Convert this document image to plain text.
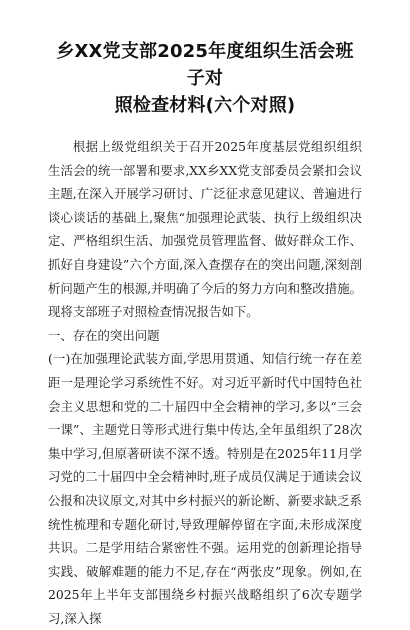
乡XX党支部2025年度组织生活会班子对
照检查材料(六个对照)

根据上级党组织关于召开2025年度基层党组织组织生活会的统一部署和要求,XX乡XX党支部委员会紧扣会议主题,在深入开展学习研讨、广泛征求意见建议、普遍进行谈心谈话的基础上,聚焦“加强理论武装、执行上级组织决定、严格组织生活、加强党员管理监督、做好群众工作、抓好自身建设”六个方面,深入查摆存在的突出问题,深刻剖析问题产生的根源,并明确了今后的努力方向和整改措施。现将支部班子对照检查情况报告如下。

一、存在的突出问题

(一)在加强理论武装方面,学思用贯通、知信行统一存在差距一是理论学习系统性不好。对习近平新时代中国特色社会主义思想和党的二十届四中全会精神的学习,多以“三会一课”、主题党日等形式进行集中传达,全年虽组织了28次集中学习,但原著研读不深不透。特别是在2025年11月学习党的二十届四中全会精神时,班子成员仅满足于通读会议公报和决议原文,对其中乡村振兴的新论断、新要求缺乏系统性梳理和专题化研讨,导致理解停留在字面,未形成深度共识。二是学用结合紧密性不强。运用党的创新理论指导实践、破解难题的能力不足,存在“两张皮”现象。例如,在2025年上半年支部围绕乡村振兴战略组织了6次专题学习,深入探
